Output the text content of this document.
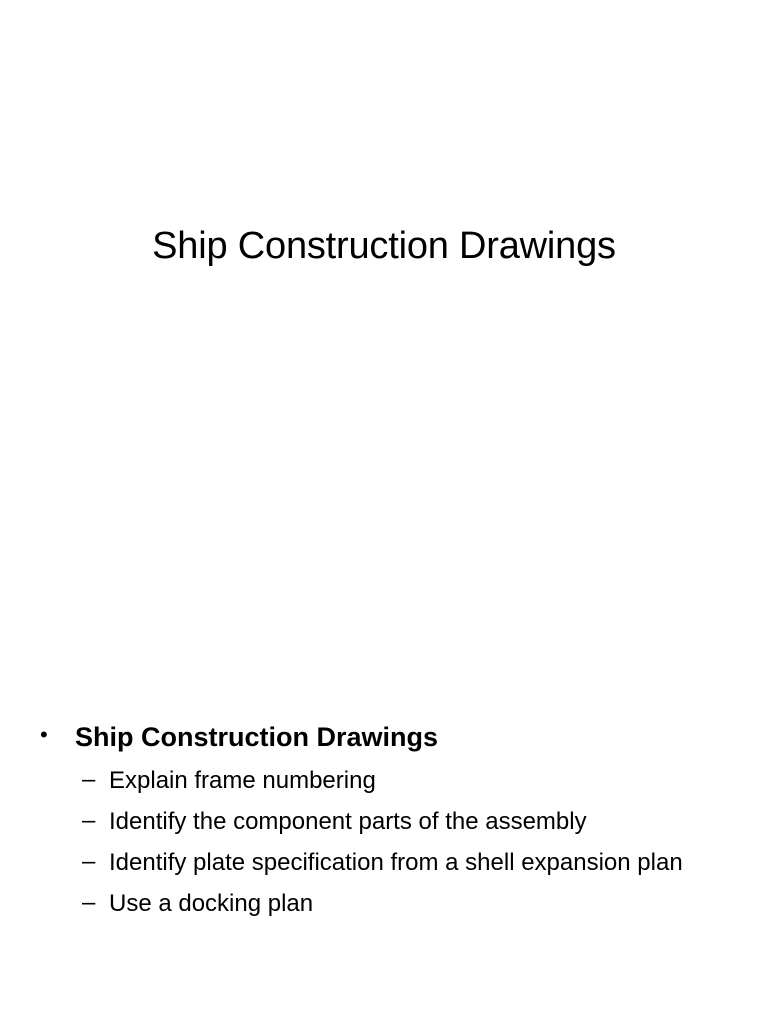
Ship Construction Drawings
• Ship Construction Drawings
– Explain frame numbering
– Identify the component parts of the assembly
– Identify plate specification from a shell expansion plan
– Use a docking plan
